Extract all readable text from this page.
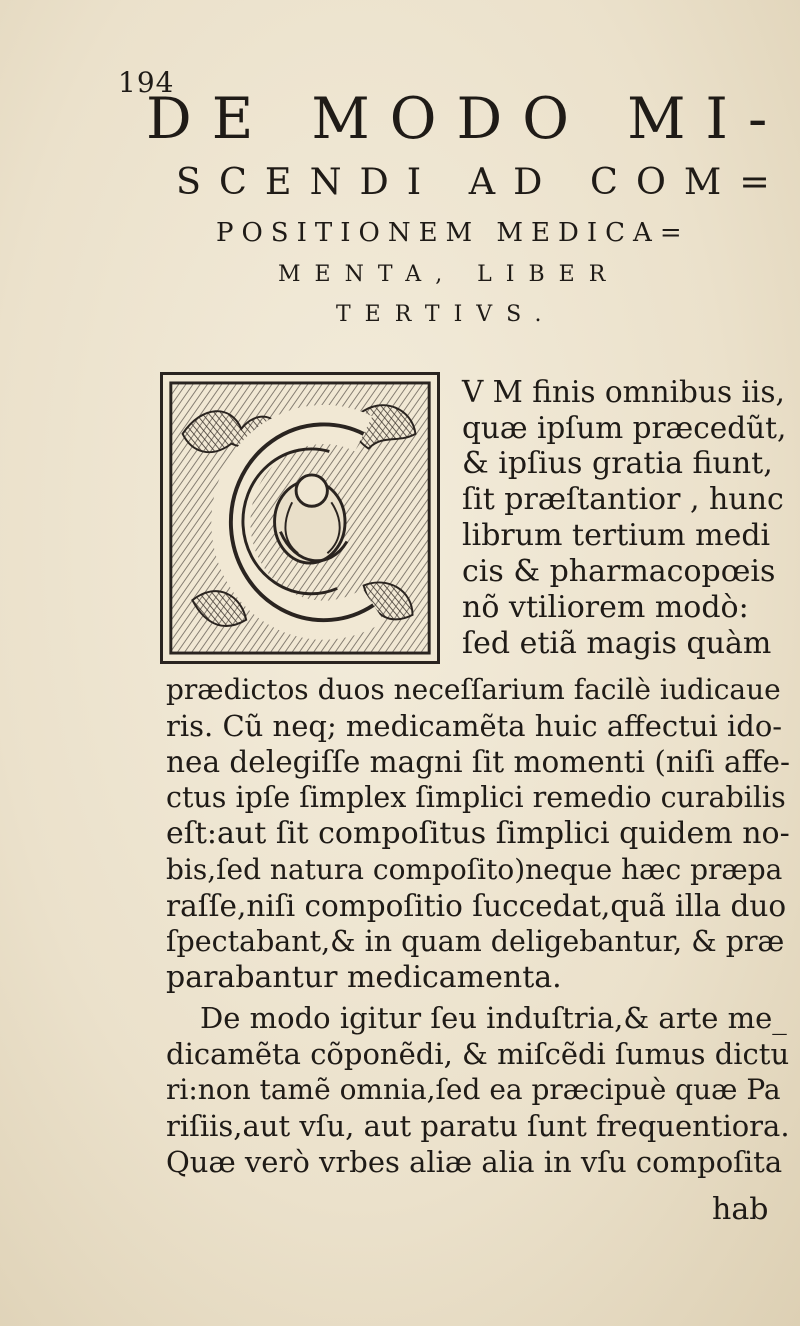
194
DE MODO MI-
SCENDI AD COM=
POSITIONEM MEDICA=
MENTA, LIBER
TERTIVS.
V M finis omnibus iis,
quæ ipſum præcedũt,
& ipſius gratia fiunt,
ſit præſtantior , hunc
librum tertium medi
cis & pharmacopœis
nõ vtiliorem modò:
ſed etiã magis quàm
prædictos duos neceſſarium facilè iudicaue
ris. Cũ neq; medicamẽta huic affectui ido-
nea delegiſſe magni ſit momenti (niſi affe-
ctus ipſe ſimplex ſimplici remedio curabilis
eſt:aut ſit compoſitus ſimplici quidem no-
bis,ſed natura compoſito)neque hæc præpa
raſſe,niſi compoſitio ſuccedat,quã illa duo
ſpectabant,& in quam deligebantur, & præ
parabantur medicamenta.
De modo igitur ſeu induſtria,& arte me_
dicamẽta cõponẽdi, & miſcẽdi ſumus dictu
ri:non tamẽ omnia,ſed ea præcipuè quæ Pa
riſiis,aut vſu, aut paratu ſunt frequentiora.
Quæ verò vrbes aliæ alia in vſu compoſita
hab
